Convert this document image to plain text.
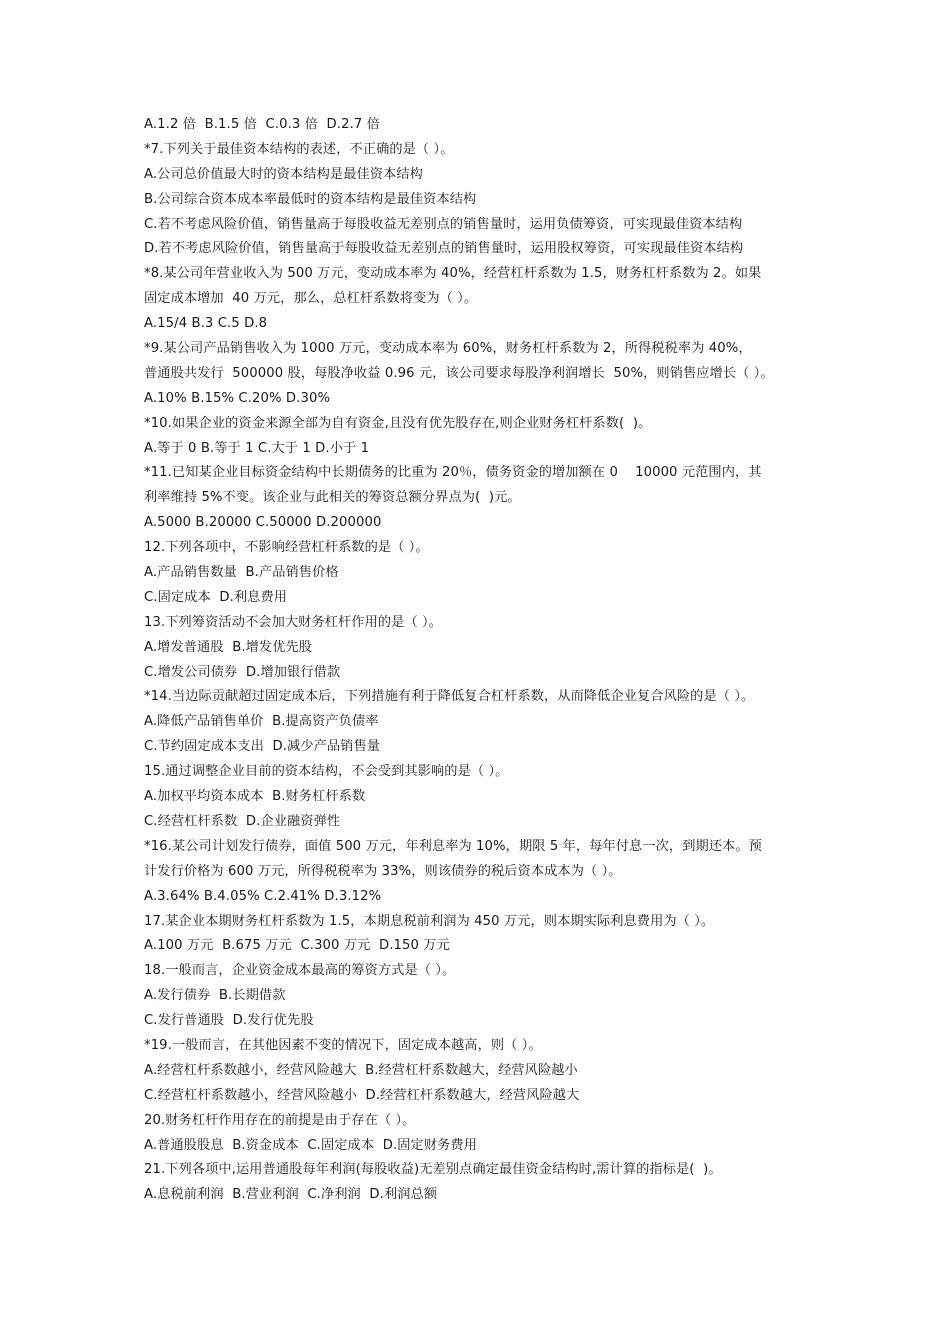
A.1.2 倍  B.1.5 倍  C.0.3 倍  D.2.7 倍
*7.下列关于最佳资本结构的表述，不正确的是（ ）。
A.公司总价值最大时的资本结构是最佳资本结构
B.公司综合资本成本率最低时的资本结构是最佳资本结构
C.若不考虑风险价值，销售量高于每股收益无差别点的销售量时，运用负债筹资，可实现最佳资本结构
D.若不考虑风险价值，销售量高于每股收益无差别点的销售量时，运用股权筹资，可实现最佳资本结构
*8.某公司年营业收入为 500 万元，变动成本率为 40%，经营杠杆系数为 1.5，财务杠杆系数为 2。如果
固定成本增加  40 万元，那么，总杠杆系数将变为（ ）。
A.15/4 B.3 C.5 D.8
*9.某公司产品销售收入为 1000 万元，变动成本率为 60%，财务杠杆系数为 2，所得税税率为 40%，
普通股共发行  500000 股，每股净收益 0.96 元，该公司要求每股净利润增长  50%，则销售应增长（ ）。
A.10% B.15% C.20% D.30%
*10.如果企业的资金来源全部为自有资金,且没有优先股存在,则企业财务杠杆系数(  )。
A.等于 0 B.等于 1 C.大于 1 D.小于 1
*11.已知某企业目标资金结构中长期债务的比重为 20％，债务资金的增加额在 0    10000 元范围内，其
利率维持 5%不变。该企业与此相关的筹资总额分界点为(  )元。
A.5000 B.20000 C.50000 D.200000
12.下列各项中，不影响经营杠杆系数的是（ ）。
A.产品销售数量  B.产品销售价格
C.固定成本  D.利息费用
13.下列筹资活动不会加大财务杠杆作用的是（ ）。
A.增发普通股  B.增发优先股
C.增发公司债券  D.增加银行借款
*14.当边际贡献超过固定成本后，下列措施有利于降低复合杠杆系数，从而降低企业复合风险的是（ ）。
A.降低产品销售单价  B.提高资产负债率
C.节约固定成本支出  D.减少产品销售量
15.通过调整企业目前的资本结构，不会受到其影响的是（ ）。
A.加权平均资本成本  B.财务杠杆系数
C.经营杠杆系数  D.企业融资弹性
*16.某公司计划发行债券，面值 500 万元，年利息率为 10%，期限 5 年，每年付息一次，到期还本。预
计发行价格为 600 万元，所得税税率为 33%，则该债券的税后资本成本为（ ）。
A.3.64% B.4.05% C.2.41% D.3.12%
17.某企业本期财务杠杆系数为 1.5，本期息税前利润为 450 万元，则本期实际利息费用为（ ）。
A.100 万元  B.675 万元  C.300 万元  D.150 万元
18.一般而言，企业资金成本最高的筹资方式是（ ）。
A.发行债券  B.长期借款
C.发行普通股  D.发行优先股
*19.一般而言，在其他因素不变的情况下，固定成本越高，则（ ）。
A.经营杠杆系数越小，经营风险越大  B.经营杠杆系数越大，经营风险越小
C.经营杠杆系数越小，经营风险越小  D.经营杠杆系数越大，经营风险越大
20.财务杠杆作用存在的前提是由于存在（ ）。
A.普通股股息  B.资金成本  C.固定成本  D.固定财务费用
21.下列各项中,运用普通股每年利润(每股收益)无差别点确定最佳资金结构时,需计算的指标是(  )。
A.息税前利润  B.营业利润  C.净利润  D.利润总额
